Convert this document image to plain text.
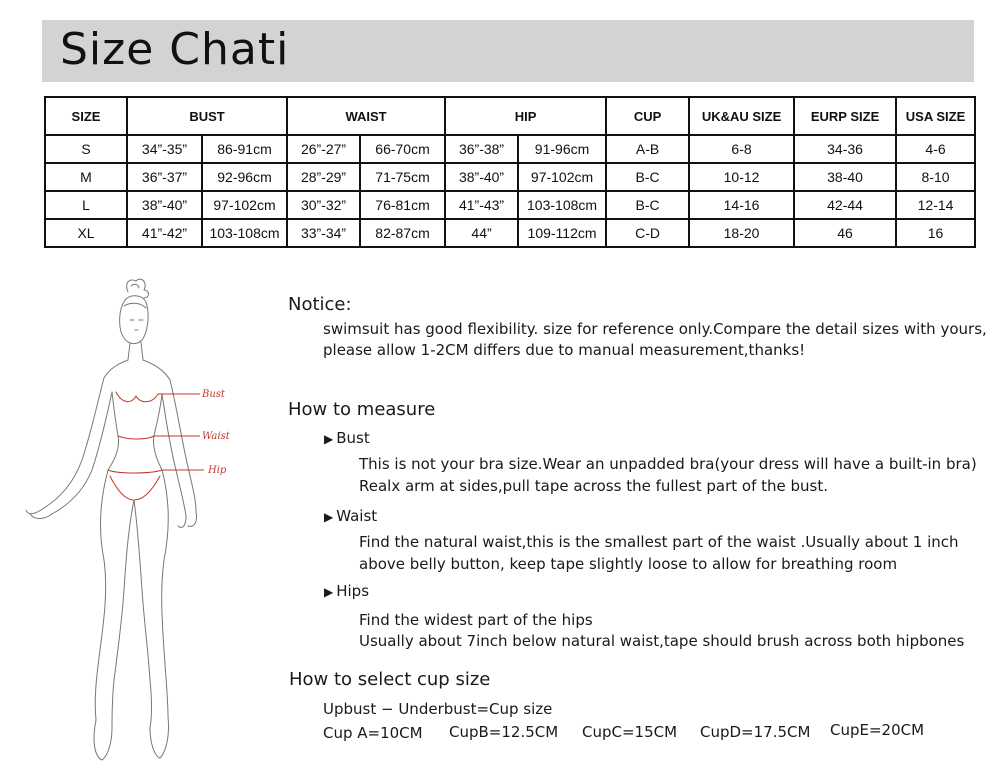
Size Chati
SIZE	BUST		WAIST		HIP		CUP	UK&AU SIZE	EURP SIZE	USA SIZE
S	34”-35”	86-91cm	26”-27”	66-70cm	36”-38”	91-96cm	A-B	6-8	34-36	4-6
M	36”-37”	92-96cm	28”-29”	71-75cm	38”-40”	97-102cm	B-C	10-12	38-40	8-10
L	38”-40”	97-102cm	30”-32”	76-81cm	41”-43”	103-108cm	B-C	14-16	42-44	12-14
XL	41”-42”	103-108cm	33”-34”	82-87cm	44”	109-112cm	C-D	18-20	46	16
Bust
Waist
Hip
Notice:
swimsuit has good flexibility. size for reference only.Compare the detail sizes with yours,
please allow 1-2CM differs due to manual measurement,thanks!
How to measure
▶ Bust
This is not your bra size.Wear an unpadded bra(your dress will have a built-in bra)
Realx arm at sides,pull tape across the fullest part of the bust.
▶ Waist
Find the natural waist,this is the smallest part of the waist .Usually about 1 inch
above belly button, keep tape slightly loose to allow for breathing room
▶ Hips
Find the widest part of the hips
Usually about 7inch below natural waist,tape should brush across both hipbones
How to select cup size
Upbust − Underbust=Cup size
Cup A=10CM CupB=12.5CM CupC=15CM CupD=17.5CM CupE=20CM
